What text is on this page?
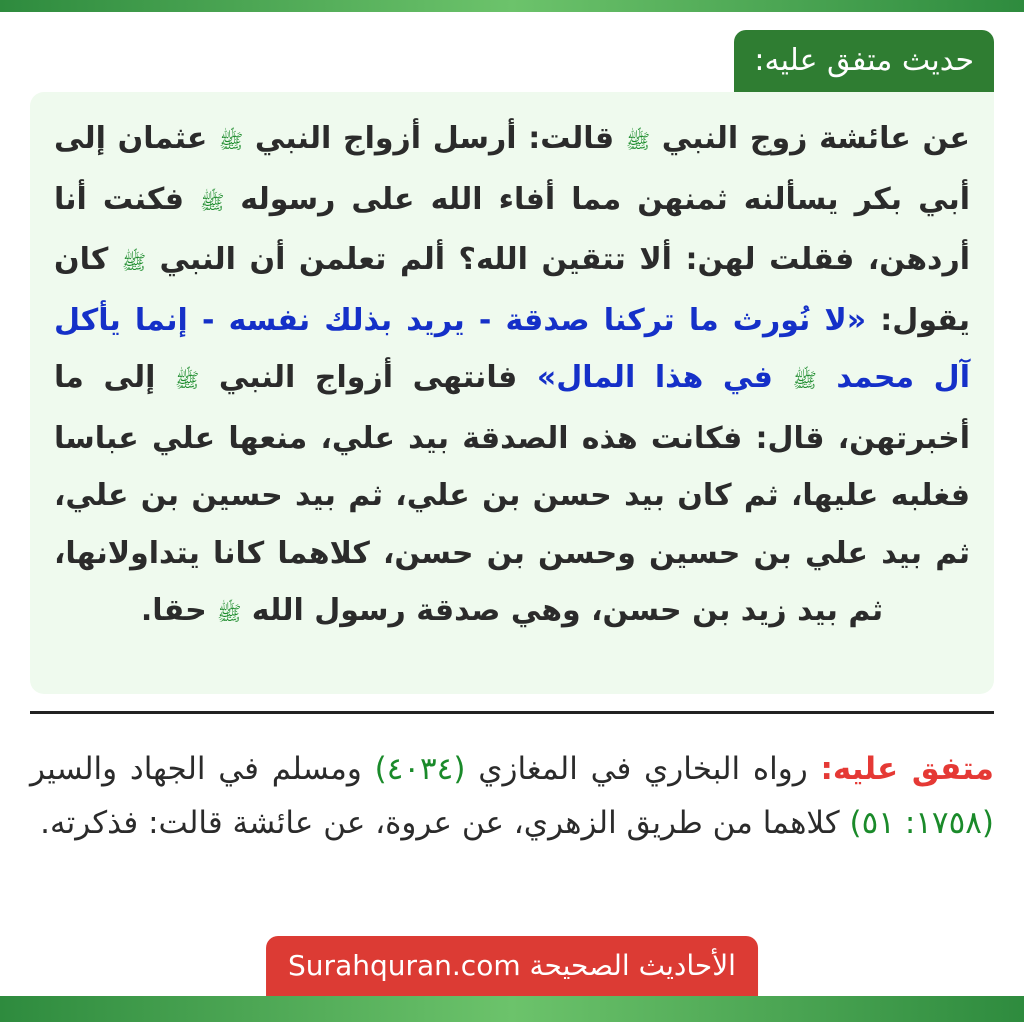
حديث متفق عليه:
عن عائشة زوج النبي ﷺ قالت: أرسل أزواج النبي ﷺ عثمان إلى أبي بكر يسألنه ثمنهن مما أفاء الله على رسوله ﷺ فكنت أنا أردهن، فقلت لهن: ألا تتقين الله؟ ألم تعلمن أن النبي ﷺ كان يقول: «لا نُورث ما تركنا صدقة - يريد بذلك نفسه - إنما يأكل آل محمد ﷺ في هذا المال» فانتهى أزواج النبي ﷺ إلى ما أخبرتهن، قال: فكانت هذه الصدقة بيد علي، منعها علي عباسا فغلبه عليها، ثم كان بيد حسن بن علي، ثم بيد حسين بن علي، ثم بيد علي بن حسين وحسن بن حسن، كلاهما كانا يتداولانها، ثم بيد زيد بن حسن، وهي صدقة رسول الله ﷺ حقا.
متفق عليه: رواه البخاري في المغازي (٤٠٣٤) ومسلم في الجهاد والسير (١٧٥٨: ٥١) كلاهما من طريق الزهري، عن عروة، عن عائشة قالت: فذكرته.
الأحاديث الصحيحة Surahquran.com
